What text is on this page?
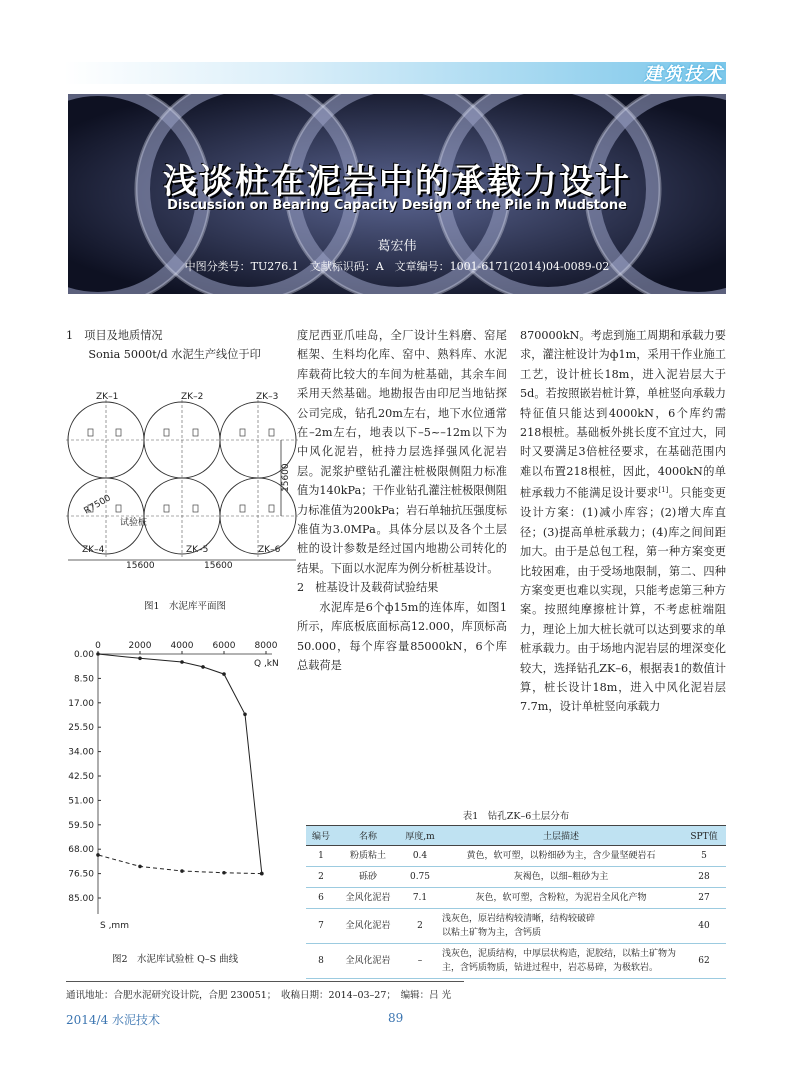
建筑技术
浅谈桩在泥岩中的承载力设计
Discussion on Bearing Capacity Design of the Pile in Mudstone
葛宏伟
中图分类号：TU276.1　文献标识码：A　文章编号：1001-6171(2014)04-0089-02

1　项目及地质情况

Sonia 5000t/d 水泥生产线位于印

ZK–1	ZK–2	ZK–3
ZK–4	ZK–5	ZK–6
15600	15600
15600
R7500
试验桩
图1　水泥库平面图
0	2000 4000 6000 8000
0.00
8.50
17.00
25.50
34.00
42.50
51.00
59.50
68.00
76.50
85.00
Q ,kN
S ,mm
图2　水泥库试验桩 Q–S 曲线

度尼西亚爪哇岛，全厂设计生料磨、窑尾框架、生料均化库、窑中、熟料库、水泥库载荷比较大的车间为桩基础，其余车间采用天然基础。地勘报告由印尼当地钻探公司完成，钻孔20m左右，地下水位通常在–2m左右，地表以下–5~–12m以下为中风化泥岩，桩持力层选择强风化泥岩层。泥浆护壁钻孔灌注桩极限侧阻力标准值为140kPa；干作业钻孔灌注桩极限侧阻力标准值为200kPa；岩石单轴抗压强度标准值为3.0MPa。具体分层以及各个土层桩的设计参数是经过国内地勘公司转化的结果。下面以水泥库为例分析桩基设计。

2　桩基设计及载荷试验结果

水泥库是6个ф15m的连体库，如图1所示，库底板底面标高12.000，库顶标高50.000，每个库容量85000kN，6个库总载荷是

870000kN。考虑到施工周期和承载力要求，灌注桩设计为ф1m，采用干作业施工工艺，设计桩长18m，进入泥岩层大于5d。若按照嵌岩桩计算，单桩竖向承载力特征值只能达到4000kN，6个库约需218根桩。基础板外挑长度不宜过大，同时又要满足3倍桩径要求，在基础范围内难以布置218根桩，因此，4000kN的单桩承载力不能满足设计要求[1]。只能变更设计方案：(1)减小库容；(2)增大库直径；(3)提高单桩承载力；(4)库之间间距加大。由于是总包工程，第一种方案变更比较困难，由于受场地限制，第二、四种方案变更也难以实现，只能考虑第三种方案。按照纯摩擦桩计算，不考虑桩端阻力，理论上加大桩长就可以达到要求的单桩承载力。由于场地内泥岩层的埋深变化较大，选择钻孔ZK–6，根据表1的数值计算，桩长设计18m，进入中风化泥岩层7.7m，设计单桩竖向承载力

表1　钻孔ZK–6土层分布
编号	名称	厚度,m	土层描述	SPT值
1	粉质粘土	0.4	黄色，软可塑，以粉细砂为主，含少量坚硬岩石	5
2	砾砂	0.75	灰褐色，以细–粗砂为主	28
6	全风化泥岩	7.1	灰色，软可塑，含粉粒，为泥岩全风化产物	27
7	全风化泥岩	2	浅灰色，原岩结构较清晰，结构较破碎
以粘土矿物为主，含钙质	40
8	全风化泥岩	–	浅灰色，泥质结构，中厚层状构造，泥胶结，以粘土矿物为主，含钙质物质，钻进过程中，岩芯易碎，为极软岩。	62
通讯地址：合肥水泥研究设计院，合肥 230051；　收稿日期：2014–03–27；　编辑：吕 光
2014/4 水泥技术	89
